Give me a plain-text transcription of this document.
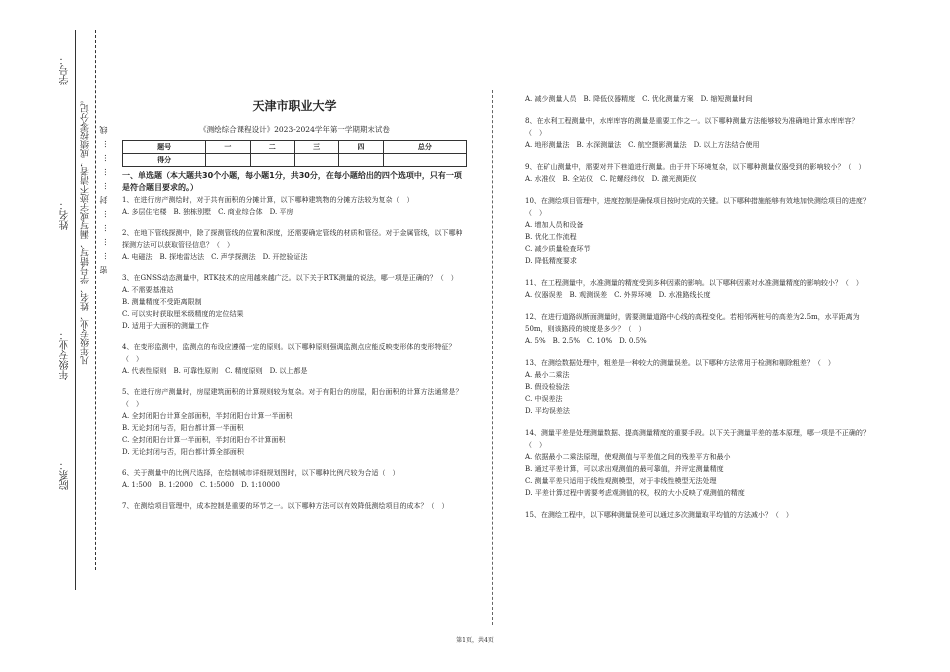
学号：
姓名：
年级专业：
院系：
凡年级专业、姓名、学号错写、漏写或字迹不清者，成绩按零分记。 密…………封…………线
天津市职业大学
《测绘综合课程设计》2023-2024学年第一学期期末试卷
题号	一	二	三	四	总分
得分					
一、单选题（本大题共30个小题，每小题1分，共30分，在每小题给出的四个选项中，只有一项是符合题目要求的。）

1、在进行房产测绘时，对于共有面积的分摊计算，以下哪种建筑物的分摊方法较为复杂（　）

A. 多层住宅楼　B. 独栋别墅　C. 商业综合体　D. 平房

2、在地下管线探测中，除了探测管线的位置和深度，还需要确定管线的材质和管径。对于金属管线，以下哪种探测方法可以获取管径信息？（　）

A. 电磁法　B. 探地雷达法　C. 声学探测法　D. 开挖验证法

3、在GNSS动态测量中，RTK技术的应用越来越广泛。以下关于RTK测量的说法，哪一项是正确的？（　）

A. 不需要基准站

B. 测量精度不受距离限制

C. 可以实时获取厘米级精度的定位结果

D. 适用于大面积的测量工作

4、在变形监测中，监测点的布设应遵循一定的原则。以下哪种原则强调监测点应能反映变形体的变形特征？（　）

A. 代表性原则　B. 可靠性原则　C. 精度原则　D. 以上都是

5、在进行房产测量时，房屋建筑面积的计算规则较为复杂。对于有阳台的房屋，阳台面积的计算方法通常是？（　）

A. 全封闭阳台计算全部面积，半封闭阳台计算一半面积

B. 无论封闭与否，阳台都计算一半面积

C. 全封闭阳台计算一半面积，半封闭阳台不计算面积

D. 无论封闭与否，阳台都计算全部面积

6、关于测量中的比例尺选择，在绘制城市详细规划图时，以下哪种比例尺较为合适（　）

A. 1:500　B. 1:2000　C. 1:5000　D. 1:10000

7、在测绘项目管理中，成本控制是重要的环节之一。以下哪种方法可以有效降低测绘项目的成本？（　）

A. 减少测量人员　B. 降低仪器精度　C. 优化测量方案　D. 缩短测量时间

8、在水利工程测量中，水库库容的测量是重要工作之一。以下哪种测量方法能够较为准确地计算水库库容？（　）

A. 地形测量法　B. 水深测量法　C. 航空摄影测量法　D. 以上方法结合使用

9、在矿山测量中，需要对井下巷道进行测量。由于井下环境复杂，以下哪种测量仪器受到的影响较小？（　）

A. 水准仪　B. 全站仪　C. 陀螺经纬仪　D. 激光测距仪

10、在测绘项目管理中，进度控制是确保项目按时完成的关键。以下哪种措施能够有效地加快测绘项目的进度？（　）

A. 增加人员和设备

B. 优化工作流程

C. 减少质量检查环节

D. 降低精度要求

11、在工程测量中，水准测量的精度受到多种因素的影响。以下哪种因素对水准测量精度的影响较小？（　）

A. 仪器误差　B. 观测误差　C. 外界环境　D. 水准路线长度

12、在进行道路纵断面测量时，需要测量道路中心线的高程变化。若相邻两桩号的高差为2.5m，水平距离为50m，则该路段的坡度是多少？（　）

A. 5%　B. 2.5%　C. 10%　D. 0.5%

13、在测绘数据处理中，粗差是一种较大的测量误差。以下哪种方法常用于检测和剔除粗差？（　）

A. 最小二乘法

B. 假设检验法

C. 中误差法

D. 平均误差法

14、测量平差是处理测量数据、提高测量精度的重要手段。以下关于测量平差的基本原理，哪一项是不正确的？（　）

A. 依据最小二乘法原理，使观测值与平差值之间的残差平方和最小

B. 通过平差计算，可以求出观测值的最可靠值，并评定测量精度

C. 测量平差只适用于线性观测模型，对于非线性模型无法处理

D. 平差计算过程中需要考虑观测值的权，权的大小反映了观测值的精度

15、在测绘工程中，以下哪种测量误差可以通过多次测量取平均值的方法减小？（　）

第1页，共4页
